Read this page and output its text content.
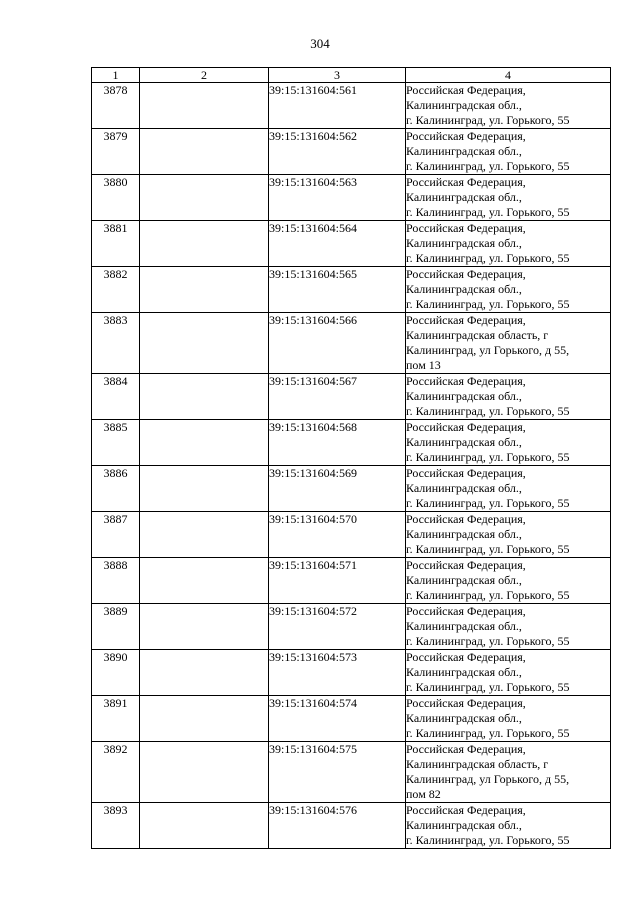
304
1	2	3	4
3878		39:15:131604:561	Российская Федерация,
Калининградская обл.,
г. Калининград, ул. Горького, 55

3879		39:15:131604:562	Российская Федерация,
Калининградская обл.,
г. Калининград, ул. Горького, 55

3880		39:15:131604:563	Российская Федерация,
Калининградская обл.,
г. Калининград, ул. Горького, 55

3881		39:15:131604:564	Российская Федерация,
Калининградская обл.,
г. Калининград, ул. Горького, 55

3882		39:15:131604:565	Российская Федерация,
Калининградская обл.,
г. Калининград, ул. Горького, 55

3883		39:15:131604:566	Российская Федерация,
Калининградская область, г
Калининград, ул Горького, д 55,
пом 13

3884		39:15:131604:567	Российская Федерация,
Калининградская обл.,
г. Калининград, ул. Горького, 55

3885		39:15:131604:568	Российская Федерация,
Калининградская обл.,
г. Калининград, ул. Горького, 55

3886		39:15:131604:569	Российская Федерация,
Калининградская обл.,
г. Калининград, ул. Горького, 55

3887		39:15:131604:570	Российская Федерация,
Калининградская обл.,
г. Калининград, ул. Горького, 55

3888		39:15:131604:571	Российская Федерация,
Калининградская обл.,
г. Калининград, ул. Горького, 55

3889		39:15:131604:572	Российская Федерация,
Калининградская обл.,
г. Калининград, ул. Горького, 55

3890		39:15:131604:573	Российская Федерация,
Калининградская обл.,
г. Калининград, ул. Горького, 55

3891		39:15:131604:574	Российская Федерация,
Калининградская обл.,
г. Калининград, ул. Горького, 55

3892		39:15:131604:575	Российская Федерация,
Калининградская область, г
Калининград, ул Горького, д 55,
пом 82

3893		39:15:131604:576	Российская Федерация,
Калининградская обл.,
г. Калининград, ул. Горького, 55
